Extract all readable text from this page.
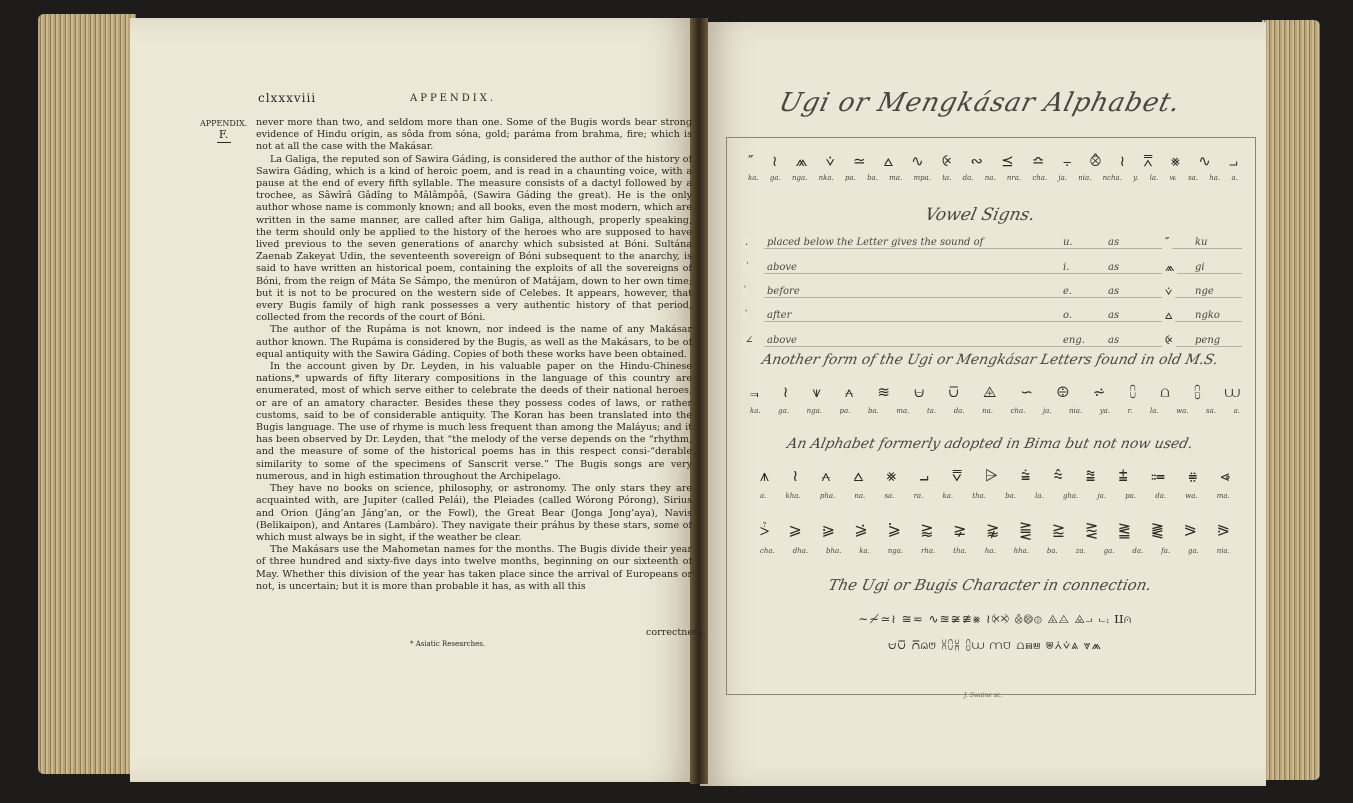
clxxxviii	APPENDIX.
APPENDIX.
F.

never more than two, and seldom more than one. Some of the Bugis words bear strong evidence of Hindu origin, as sôda from sóna, gold; paráma from brahma, fire; which is not at all the case with the Makásar.

La Galiga, the reputed son of Sawira Gáding, is considered the author of the history of Sawira Gáding, which is a kind of heroic poem, and is read in a chaunting voice, with a pause at the end of every fifth syllable. The measure consists of a dactyl followed by a trochee, as Sâwîrâ Gâdîng to Mâlâmpôâ, (Sawira Gáding the great). He is the only author whose name is commonly known; and all books, even the most modern, which are written in the same manner, are called after him Galiga, although, properly speaking, the term should only be applied to the history of the heroes who are supposed to have lived previous to the seven generations of anarchy which subsisted at Bóni. Sultána Zaenab Zakeyat Udin, the seventeenth sovereign of Bóni subsequent to the anarchy, is said to have written an historical poem, containing the exploits of all the sovereigns of Bóni, from the reign of Máta Se Sámpo, the menúron of Matájam, down to her own time; but it is not to be procured on the western side of Celebes. It appears, however, that every Bugis family of high rank possesses a very authentic history of that period, collected from the records of the court of Bóni.

The author of the Rupáma is not known, nor indeed is the name of any Makásar author known. The Rupáma is considered by the Bugis, as well as the Makásars, to be of equal antiquity with the Sawira Gáding. Copies of both these works have been obtained.

In the account given by Dr. Leyden, in his valuable paper on the Hindu-Chinese nations,* upwards of fifty literary compositions in the language of this country are enumerated, most of which serve either to celebrate the deeds of their national heroes, or are of an amatory character. Besides these they possess codes of laws, or rather customs, said to be of considerable antiquity. The Koran has been translated into the Bugis language. The use of rhyme is much less frequent than among the Maláyus; and it has been observed by Dr. Leyden, that “the melody of the verse depends on the “rhythm, and the measure of some of the historical poems has in this respect consi-“derable similarity to some of the specimens of Sanscrit verse.” The Bugis songs are very numerous, and in high estimation throughout the Archipelago.

They have no books on science, philosophy, or astronomy. The only stars they are acquainted with, are Jupiter (called Pelái), the Pleiades (called Wórong Pórong), Sirius and Orion (Jáng’an Jáng’an, or the Fowl), the Great Bear (Jonga Jong’aya), Navis (Belikaipon), and Antares (Lambáro). They navigate their práhus by these stars, some of which must always be in sight, if the weather be clear.

The Makásars use the Mahometan names for the months. The Bugis divide their year of three hundred and sixty-five days into twelve months, beginning on our sixteenth of May. Whether this division of the year has taken place since the arrival of Europeans or not, is uncertain; but it is more than probable it has, as with all this

correctness,
* Asiatic Researches.
Ugi or Mengkásar Alphabet.
″ ≀ ⩕ ⩒ ≃ ⩟ ∿ ⨴ ∾ ⪯ ≏ ⨪ ⨶ ≀ ⩞ ⨳ ∿ ⨼
ka. ga. nga. nka. pa. ba. ma. mpa. ta. da. na. nra. cha. ja. nia. ncha. y. la. w. sa. ha. a.
Vowel Signs.
.	placed below the Letter gives the sound of	u.	as	″	ku
˙	above	i.	as	⩕	gi
before	e.	as	⩒	nge
after	o.	as	⩟	ngko
∠	above	eng.	as	⨴	peng
Another form of the Ugi or Mengkásar Letters found in old M.S.
⫬ ≀ ⩛ ⩜ ≋ ⩁ ⩂ ⨹ ∽ ⨸ ⩫ ⩇ ⩍ ⩉ ⩊
ka.	ga.	nga.	pa.	ba.	ma.	ta.	da.	na.	cha.	ja.	nia.	ya.	r.	la.	wa.	sa.	a.
An Alphabet formerly adopted in Bima but not now used.
⩚ ≀ ⩜ ⩟ ⨳ ⨼ ⩢ ⩥ ⩭ ⩯ ⩰ ⩲ ⩴ ⩷ ⩹
a.	kha.	pha.	na.	sa.	ra.	ka.	tha.	ba.	la.	gha.	ja.	pa.	da.	wa.	ma.
⩼ ⩾ ⪀ ⪂ ⪄ ⪆ ⪈ ⪊ ⪌ ⪎ ⪐ ⪒ ⪔ ⪖ ⪘
cha.	dha.	bha.	ka.	nga.	rha.	tha.	ha.	hha.	ba.	za.	ga.	da.	fa.	ga.	nia.
The Ugi or Bugis Character in connection.
∼≁≃≀ ≅≂ ∿≊≆≇⨳ ≀⨴⨵ ⨶⨷⨸ ⨹⨺ ⨻⨼ ⨽⨾ ⨿⩀
⩁⩂ ⩃⩄⩅ ⩆⩇⩈ ⩉⩊ ⩋⩌ ⩍⩎⩏ ⩐⩑⩒⩓ ⩔⩕
J. Swaine sc.
